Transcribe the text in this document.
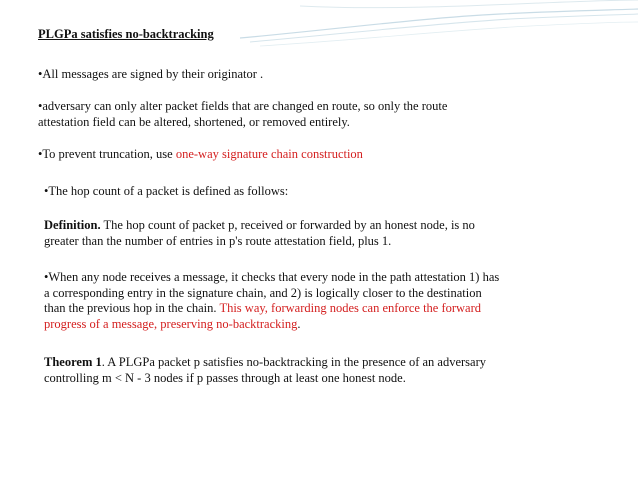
PLGPa satisfies no-backtracking
•All messages are signed by their originator .
•adversary can only alter packet fields that are changed en route, so only the route
attestation field can be altered, shortened, or removed entirely.
•To prevent truncation, use one-way signature chain construction
•The hop count of a packet is defined as follows:
Definition. The hop count of packet p, received or forwarded by an honest node, is no
greater than the number of entries in p's route attestation field, plus 1.
•When any node receives a message, it checks that every node in the path attestation 1) has
a corresponding entry in the signature chain, and 2) is logically closer to the destination
than the previous hop in the chain. This way, forwarding nodes can enforce the forward
progress of a message, preserving no-backtracking.
Theorem 1. A PLGPa packet p satisfies no-backtracking in the presence of an adversary
controlling m < N - 3 nodes if p passes through at least one honest node.
